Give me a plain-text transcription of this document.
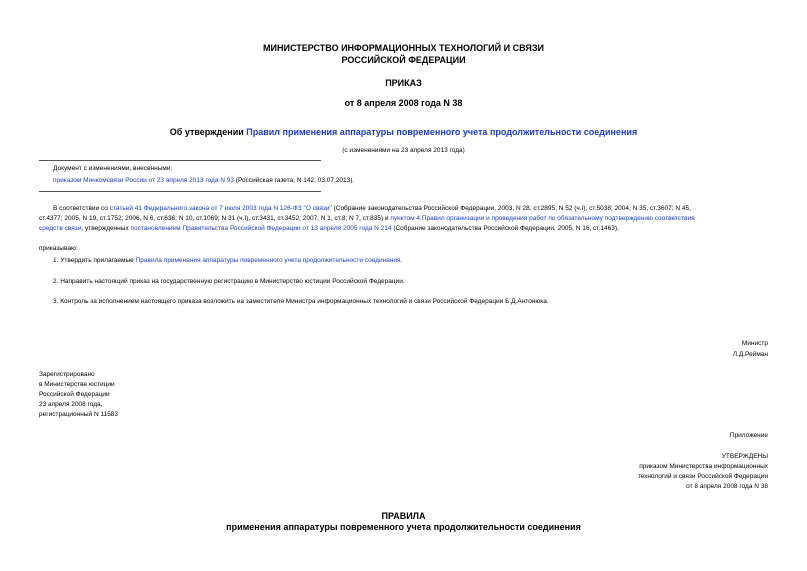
МИНИСТЕРСТВО ИНФОРМАЦИОННЫХ ТЕХНОЛОГИЙ И СВЯЗИ
РОССИЙСКОЙ ФЕДЕРАЦИИ
ПРИКАЗ
от 8 апреля 2008 года N 38
Об утверждении Правил применения аппаратуры повременного учета продолжительности соединения
(с изменениями на 23 апреля 2013 года)
Документ с изменениями, внесенными:
приказом Минкомсвязи России от 23 апреля 2013 года N 93 (Российская газета, N 142, 03.07.2013).
В соответствии со статьей 41 Федерального закона от 7 июля 2003 года N 126-ФЗ "О связи" (Собрание законодательства Российской Федерации, 2003, N 28, ст.2895; N 52 (ч.I), ст.5038; 2004, N 35, ст.3607; N 45,
ст.4377; 2005, N 19, ст.1752; 2006, N 6, ст.636; N 10, ст.1069; N 31 (ч.I), ст.3431, ст.3452; 2007, N 1, ст.8; N 7, ст.835) и пунктом 4 Правил организации и проведения работ по обязательному подтверждению соответствия
средств связи, утвержденных постановлением Правительства Российской Федерации от 13 апреля 2005 года N 214 (Собрание законодательства Российской Федерации, 2005, N 16, ст.1463),
приказываю:
1. Утвердить прилагаемые Правила применения аппаратуры повременного учета продолжительности соединения.
2. Направить настоящий приказ на государственную регистрацию в Министерство юстиции Российской Федерации.
3. Контроль за исполнением настоящего приказа возложить на заместителя Министра информационных технологий и связи Российской Федерации Б.Д.Антонюка.
Министр
Л.Д.Рейман
Зарегистрировано
в Министерстве юстиции
Российской Федерации
23 апреля 2008 года,
регистрационный N 11583
Приложение
УТВЕРЖДЕНЫ
приказом Министерства информационных
технологий и связи Российской Федерации
от 8 апреля 2008 года N 38
ПРАВИЛА
применения аппаратуры повременного учета продолжительности соединения
